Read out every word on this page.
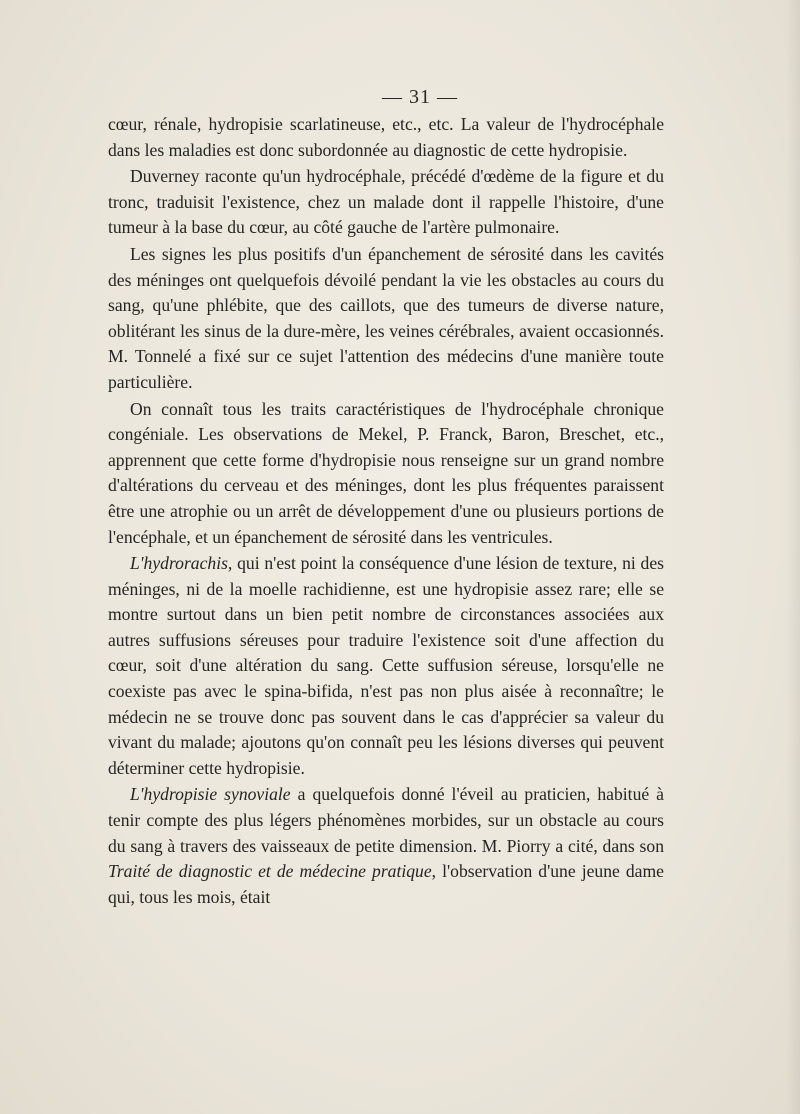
— 31 —

cœur, rénale, hydropisie scarlatineuse, etc., etc. La valeur de l'hydrocéphale dans les maladies est donc subordonnée au diagnostic de cette hydropisie.

Duverney raconte qu'un hydrocéphale, précédé d'œdème de la figure et du tronc, traduisit l'existence, chez un malade dont il rappelle l'histoire, d'une tumeur à la base du cœur, au côté gauche de l'artère pulmonaire.

Les signes les plus positifs d'un épanchement de sérosité dans les cavités des méninges ont quelquefois dévoilé pendant la vie les obstacles au cours du sang, qu'une phlébite, que des caillots, que des tumeurs de diverse nature, oblitérant les sinus de la dure-mère, les veines cérébrales, avaient occasionnés. M. Tonnelé a fixé sur ce sujet l'attention des médecins d'une manière toute particulière.

On connaît tous les traits caractéristiques de l'hydrocéphale chronique congéniale. Les observations de Mekel, P. Franck, Baron, Breschet, etc., apprennent que cette forme d'hydropisie nous renseigne sur un grand nombre d'altérations du cerveau et des méninges, dont les plus fréquentes paraissent être une atrophie ou un arrêt de développement d'une ou plusieurs portions de l'encéphale, et un épanchement de sérosité dans les ventricules.

L'hydrorachis, qui n'est point la conséquence d'une lésion de texture, ni des méninges, ni de la moelle rachidienne, est une hydropisie assez rare; elle se montre surtout dans un bien petit nombre de circonstances associées aux autres suffusions séreuses pour traduire l'existence soit d'une affection du cœur, soit d'une altération du sang. Cette suffusion séreuse, lorsqu'elle ne coexiste pas avec le spina-bifida, n'est pas non plus aisée à reconnaître; le médecin ne se trouve donc pas souvent dans le cas d'apprécier sa valeur du vivant du malade; ajoutons qu'on connaît peu les lésions diverses qui peuvent déterminer cette hydropisie.

L'hydropisie synoviale a quelquefois donné l'éveil au praticien, habitué à tenir compte des plus légers phénomènes morbides, sur un obstacle au cours du sang à travers des vaisseaux de petite dimension. M. Piorry a cité, dans son Traité de diagnostic et de médecine pratique, l'observation d'une jeune dame qui, tous les mois, était
